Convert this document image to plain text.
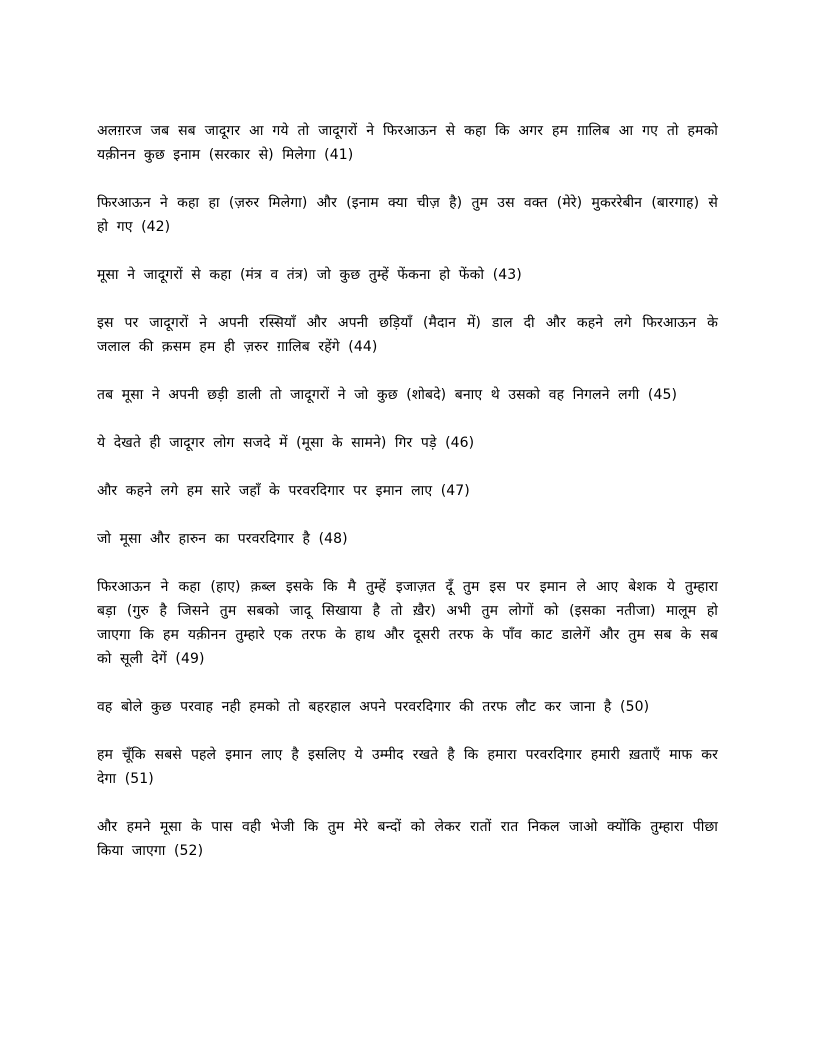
अलग़रज जब सब जादूगर आ गये तो जादूगरों ने फिरआऊन से कहा कि अगर हम ग़ालिब आ गए तो हमको यक़ीनन कुछ इनाम (सरकार से) मिलेगा (41)

फिरआऊन ने कहा हा (ज़रुर मिलेगा) और (इनाम क्या चीज़ है) तुम उस वक्त (मेरे) मुकररेबीन (बारगाह) से हो गए (42)

मूसा ने जादूगरों से कहा (मंत्र व तंत्र) जो कुछ तुम्हें फेंकना हो फेंको (43)

इस पर जादूगरों ने अपनी रस्सियाँ और अपनी छड़ियाँ (मैदान में) डाल दी और कहने लगे फिरआऊन के जलाल की क़सम हम ही ज़रुर ग़ालिब रहेंगे (44)

तब मूसा ने अपनी छड़ी डाली तो जादूगरों ने जो कुछ (शोबदे) बनाए थे उसको वह निगलने लगी (45)

ये देखते ही जादूगर लोग सजदे में (मूसा के सामने) गिर पड़े (46)

और कहने लगे हम सारे जहाँ के परवरदिगार पर इमान लाए (47)

जो मूसा और हारुन का परवरदिगार है (48)

फिरआऊन ने कहा (हाए) क़ब्ल इसके कि मै तुम्हें इजाज़त दूँ तुम इस पर इमान ले आए बेशक ये तुम्हारा बड़ा (गुरु है जिसने तुम सबको जादू सिखाया है तो ख़ैर) अभी तुम लोगों को (इसका नतीजा) मालूम हो जाएगा कि हम यक़ीनन तुम्हारे एक तरफ के हाथ और दूसरी तरफ के पाँव काट डालेगें और तुम सब के सब को सूली देगें (49)

वह बोले कुछ परवाह नही हमको तो बहरहाल अपने परवरदिगार की तरफ लौट कर जाना है (50)

हम चूँकि सबसे पहले इमान लाए है इसलिए ये उम्मीद रखते है कि हमारा परवरदिगार हमारी ख़ताएँ माफ कर देगा (51)

और हमने मूसा के पास वही भेजी कि तुम मेरे बन्दों को लेकर रातों रात निकल जाओ क्योंकि तुम्हारा पीछा किया जाएगा (52)
